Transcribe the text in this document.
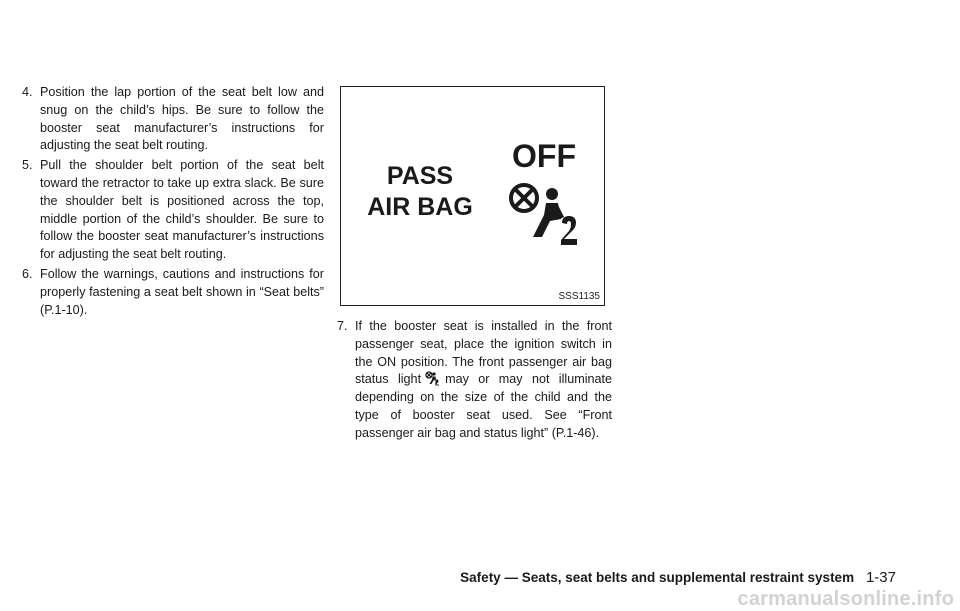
4. Position the lap portion of the seat belt low and snug on the child’s hips. Be sure to follow the booster seat manufacturer’s instructions for adjusting the seat belt routing.
5. Pull the shoulder belt portion of the seat belt toward the retractor to take up extra slack. Be sure the shoulder belt is positioned across the top, middle portion of the child’s shoulder. Be sure to follow the booster seat manufacturer’s instructions for adjusting the seat belt routing.
6. Follow the warnings, cautions and instructions for properly fastening a seat belt shown in “Seat belts” (P.1-10).
PASS
AIR BAG
OFF
SSS1135
7. If the booster seat is installed in the front passenger seat, place the ignition switch in the ON position. The front passenger air bag status light may or may not illuminate depending on the size of the child and the type of booster seat used. See “Front passenger air bag and status light” (P.1-46).
Safety — Seats, seat belts and supplemental restraint system 1-37
carmanualsonline.info
